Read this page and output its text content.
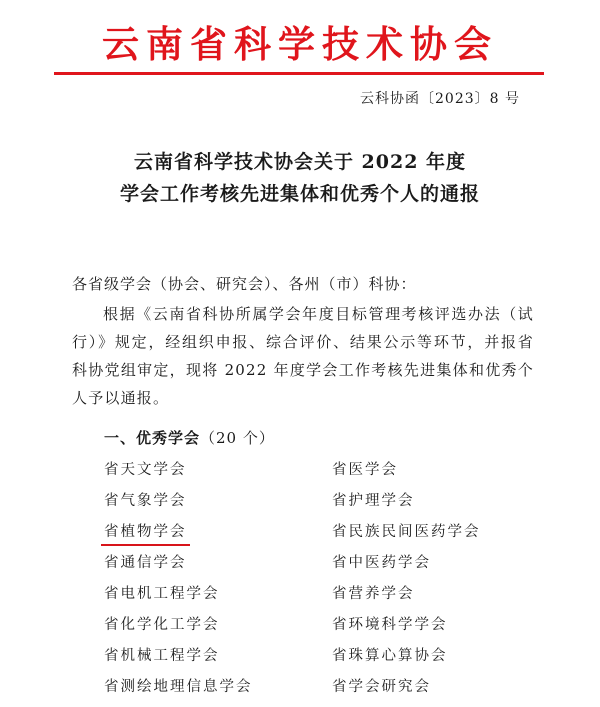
云南省科学技术协会
云科协函〔2023〕8 号
云南省科学技术协会关于 2022 年度
学会工作考核先进集体和优秀个人的通报
各省级学会（协会、研究会）、各州（市）科协：
根据《云南省科协所属学会年度目标管理考核评选办法（试行）》规定，经组织申报、综合评价、结果公示等环节，并报省科协党组审定，现将 2022 年度学会工作考核先进集体和优秀个人予以通报。
一、优秀学会（20 个）
省天文学会
省气象学会
省植物学会
省通信学会
省电机工程学会
省化学化工学会
省机械工程学会
省测绘地理信息学会
省医学会
省护理学会
省民族民间医药学会
省中医药学会
省营养学会
省环境科学学会
省珠算心算协会
省学会研究会
